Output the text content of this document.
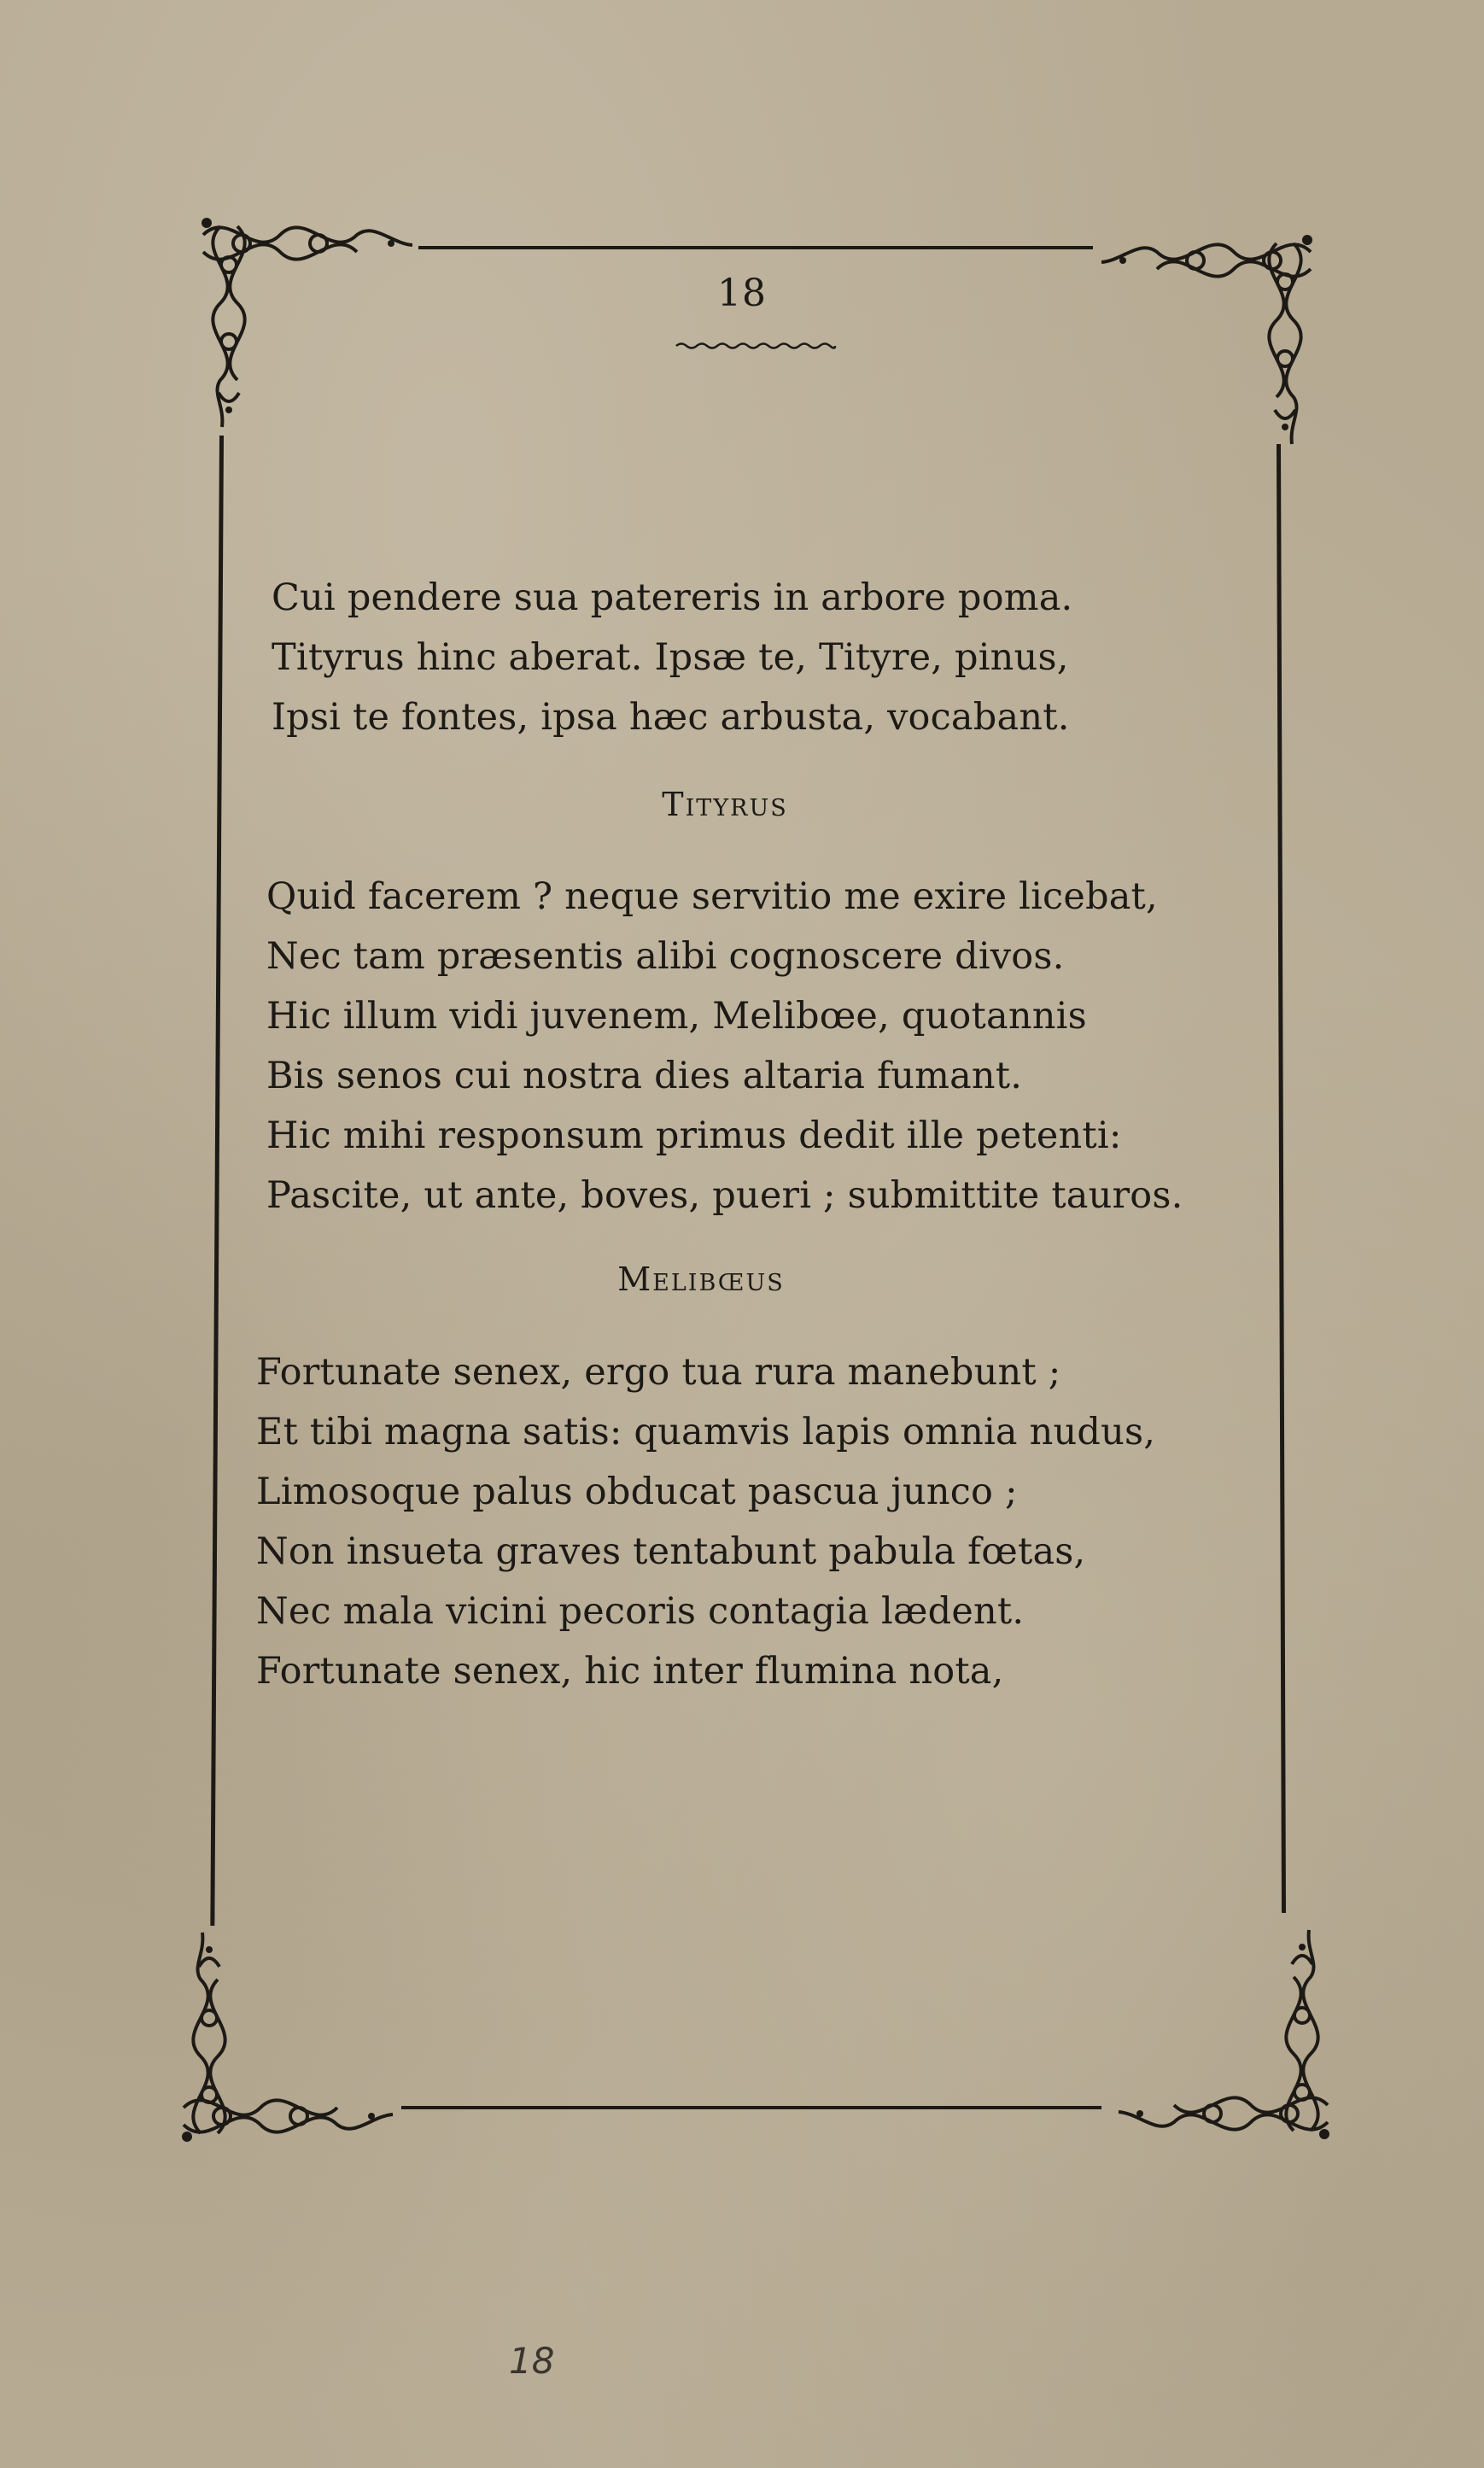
18
Cui pendere sua patereris in arbore poma.
Tityrus hinc aberat. Ipsæ te, Tityre, pinus,
Ipsi te fontes, ipsa hæc arbusta, vocabant.
Tityrus
Quid facerem ? neque servitio me exire licebat,
Nec tam præsentis alibi cognoscere divos.
Hic illum vidi juvenem, Melibœe, quotannis
Bis senos cui nostra dies altaria fumant.
Hic mihi responsum primus dedit ille petenti:
Pascite, ut ante, boves, pueri ; submittite tauros.
Melibœus
Fortunate senex, ergo tua rura manebunt ;
Et tibi magna satis: quamvis lapis omnia nudus,
Limosoque palus obducat pascua junco ;
Non insueta graves tentabunt pabula fœtas,
Nec mala vicini pecoris contagia lædent.
Fortunate senex, hic inter flumina nota,
18
